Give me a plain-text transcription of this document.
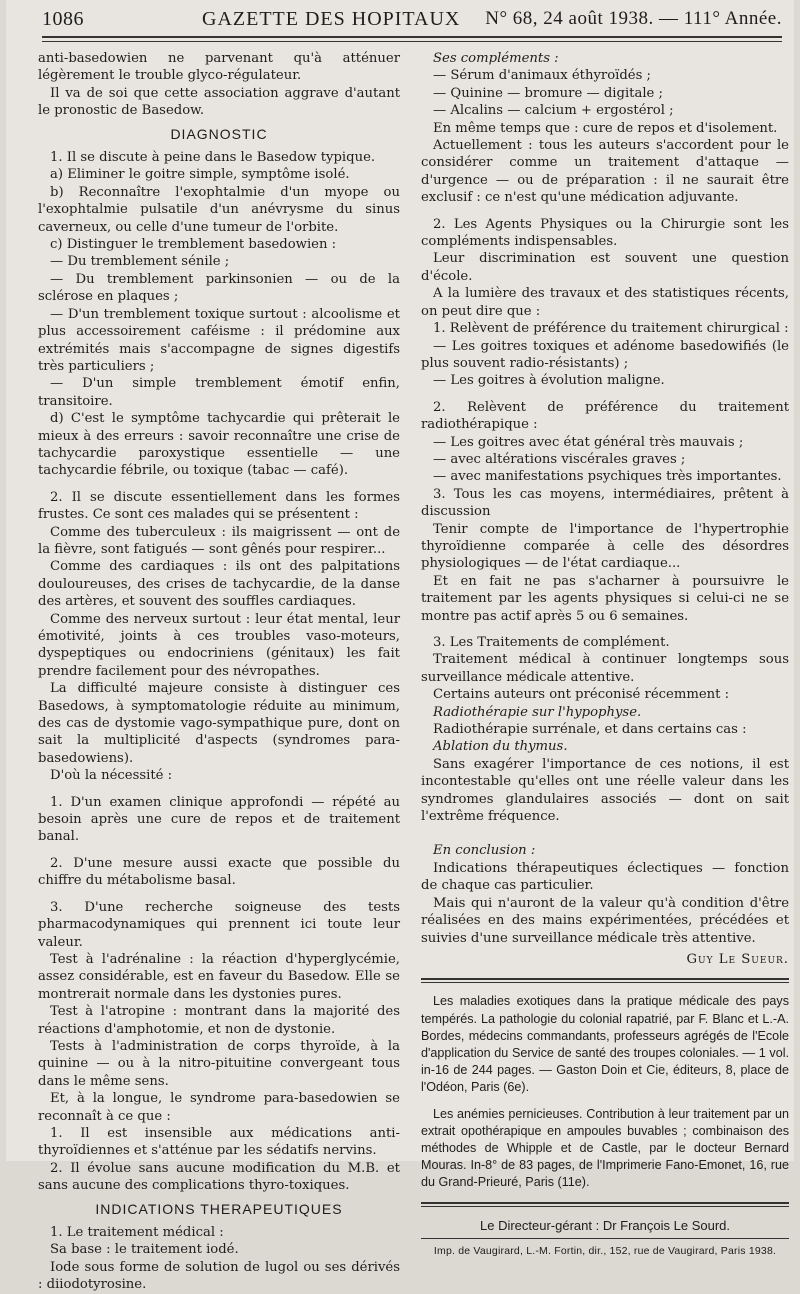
1086	GAZETTE DES HOPITAUX N° 68, 24 août 1938. — 111° Année.

anti-basedowien ne parvenant qu'à atténuer légèrement le trouble glyco-régulateur.

Il va de soi que cette association aggrave d'autant le pronostic de Basedow.

DIAGNOSTIC

1. Il se discute à peine dans le Basedow typique.

a) Eliminer le goitre simple, symptôme isolé.

b) Reconnaître l'exophtalmie d'un myope ou l'exophtalmie pulsatile d'un anévrysme du sinus caverneux, ou celle d'une tumeur de l'orbite.

c) Distinguer le tremblement basedowien :

— Du tremblement sénile ;

— Du tremblement parkinsonien — ou de la sclérose en plaques ;

— D'un tremblement toxique surtout : alcoolisme et plus accessoirement caféisme : il prédomine aux extrémités mais s'accompagne de signes digestifs très particuliers ;

— D'un simple tremblement émotif enfin, transitoire.

d) C'est le symptôme tachycardie qui prêterait le mieux à des erreurs : savoir reconnaître une crise de tachycardie paroxystique essentielle — une tachycardie fébrile, ou toxique (tabac — café).

2. Il se discute essentiellement dans les formes frustes. Ce sont ces malades qui se présentent :

Comme des tuberculeux : ils maigrissent — ont de la fièvre, sont fatigués — sont gênés pour respirer...

Comme des cardiaques : ils ont des palpitations douloureuses, des crises de tachycardie, de la danse des artères, et souvent des souffles cardiaques.

Comme des nerveux surtout : leur état mental, leur émotivité, joints à ces troubles vaso-moteurs, dyspeptiques ou endocriniens (génitaux) les fait prendre facilement pour des névropathes.

La difficulté majeure consiste à distinguer ces Basedows, à symptomatologie réduite au minimum, des cas de dystomie vago-sympathique pure, dont on sait la multiplicité d'aspects (syndromes para-basedowiens).

D'où la nécessité :

1. D'un examen clinique approfondi — répété au besoin après une cure de repos et de traitement banal.

2. D'une mesure aussi exacte que possible du chiffre du métabolisme basal.

3. D'une recherche soigneuse des tests pharmacodynamiques qui prennent ici toute leur valeur.

Test à l'adrénaline : la réaction d'hyperglycémie, assez considérable, est en faveur du Basedow. Elle se montrerait normale dans les dystonies pures.

Test à l'atropine : montrant dans la majorité des réactions d'amphotomie, et non de dystonie.

Tests à l'administration de corps thyroïde, à la quinine — ou à la nitro-pituitine convergeant tous dans le même sens.

Et, à la longue, le syndrome para-basedowien se reconnaît à ce que :

1. Il est insensible aux médications anti-thyroïdiennes et s'atténue par les sédatifs nervins.

2. Il évolue sans aucune modification du M.B. et sans aucune des complications thyro-toxiques.

INDICATIONS THERAPEUTIQUES

1. Le traitement médical :

Sa base : le traitement iodé.

Iode sous forme de solution de lugol ou ses dérivés : diiodotyrosine.

Ses compléments :

— Sérum d'animaux éthyroïdés ;

— Quinine — bromure — digitale ;

— Alcalins — calcium + ergostérol ;

En même temps que : cure de repos et d'isolement.

Actuellement : tous les auteurs s'accordent pour le considérer comme un traitement d'attaque — d'urgence — ou de préparation : il ne saurait être exclusif : ce n'est qu'une médication adjuvante.

2. Les Agents Physiques ou la Chirurgie sont les compléments indispensables.

Leur discrimination est souvent une question d'école.

A la lumière des travaux et des statistiques récents, on peut dire que :

1. Relèvent de préférence du traitement chirurgical :

— Les goitres toxiques et adénome basedowifiés (le plus souvent radio-résistants) ;

— Les goitres à évolution maligne.

2. Relèvent de préférence du traitement radiothérapique :

— Les goitres avec état général très mauvais ;

— avec altérations viscérales graves ;

— avec manifestations psychiques très importantes.

3. Tous les cas moyens, intermédiaires, prêtent à discussion

Tenir compte de l'importance de l'hypertrophie thyroïdienne comparée à celle des désordres physiologiques — de l'état cardiaque...

Et en fait ne pas s'acharner à poursuivre le traitement par les agents physiques si celui-ci ne se montre pas actif après 5 ou 6 semaines.

3. Les Traitements de complément.

Traitement médical à continuer longtemps sous surveillance médicale attentive.

Certains auteurs ont préconisé récemment :

Radiothérapie sur l'hypophyse.

Radiothérapie surrénale, et dans certains cas :

Ablation du thymus.

Sans exagérer l'importance de ces notions, il est incontestable qu'elles ont une réelle valeur dans les syndromes glandulaires associés — dont on sait l'extrême fréquence.

En conclusion :

Indications thérapeutiques éclectiques — fonction de chaque cas particulier.

Mais qui n'auront de la valeur qu'à condition d'être réalisées en des mains expérimentées, précédées et suivies d'une surveillance médicale très attentive.

Guy Le Sueur.

Les maladies exotiques dans la pratique médicale des pays tempérés. La pathologie du colonial rapatrié, par F. Blanc et L.-A. Bordes, médecins commandants, professeurs agrégés de l'Ecole d'application du Service de santé des troupes coloniales. — 1 vol. in-16 de 244 pages. — Gaston Doin et Cie, éditeurs, 8, place de l'Odéon, Paris (6e).

Les anémies pernicieuses. Contribution à leur traitement par un extrait opothérapique en ampoules buvables ; combinaison des méthodes de Whipple et de Castle, par le docteur Bernard Mouras. In-8° de 83 pages, de l'Imprimerie Fano-Emonet, 16, rue du Grand-Prieuré, Paris (11e).

Le Directeur-gérant : Dr François Le Sourd.
Imp. de Vaugirard, L.-M. Fortin, dir., 152, rue de Vaugirard, Paris 1938.
